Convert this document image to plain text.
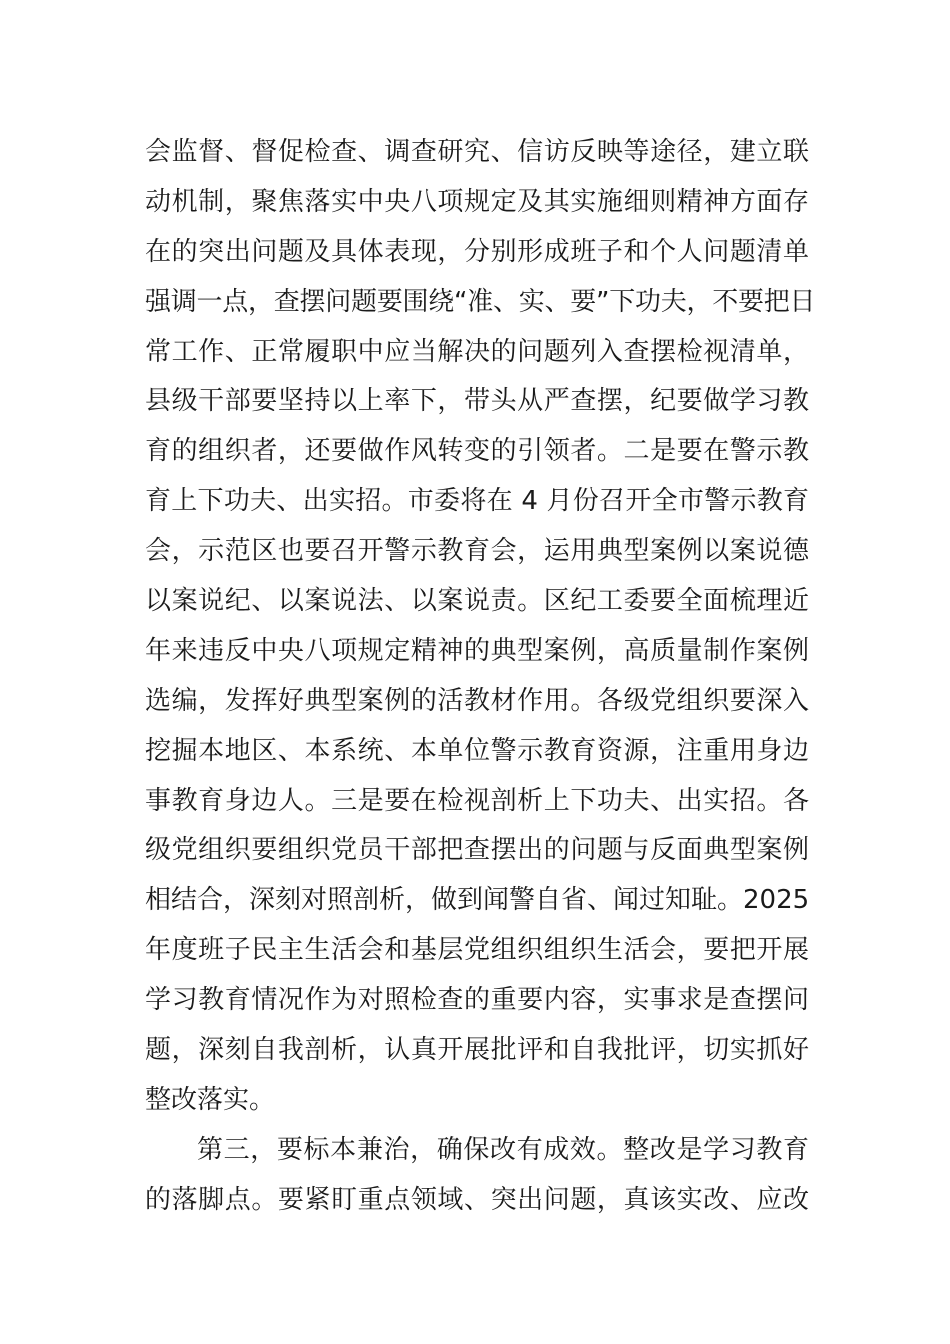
会监督、督促检查、调查研究、信访反映等途径，建立联
动机制，聚焦落实中央八项规定及其实施细则精神方面存
在的突出问题及具体表现，分别形成班子和个人问题清单
强调一点，查摆问题要围绕“准、实、要”下功夫，不要把日
常工作、正常履职中应当解决的问题列入查摆检视清单，
县级干部要坚持以上率下，带头从严查摆，纪要做学习教
育的组织者，还要做作风转变的引领者。二是要在警示教
育上下功夫、出实招。市委将在 4 月份召开全市警示教育
会，示范区也要召开警示教育会，运用典型案例以案说德
以案说纪、以案说法、以案说责。区纪工委要全面梳理近
年来违反中央八项规定精神的典型案例，高质量制作案例
选编，发挥好典型案例的活教材作用。各级党组织要深入
挖掘本地区、本系统、本单位警示教育资源，注重用身边
事教育身边人。三是要在检视剖析上下功夫、出实招。各
级党组织要组织党员干部把查摆出的问题与反面典型案例
相结合，深刻对照剖析，做到闻警自省、闻过知耻。2025
年度班子民主生活会和基层党组织组织生活会，要把开展
学习教育情况作为对照检查的重要内容，实事求是查摆问
题，深刻自我剖析，认真开展批评和自我批评，切实抓好
整改落实。
第三，要标本兼治，确保改有成效。整改是学习教育
的落脚点。要紧盯重点领域、突出问题，真该实改、应改
